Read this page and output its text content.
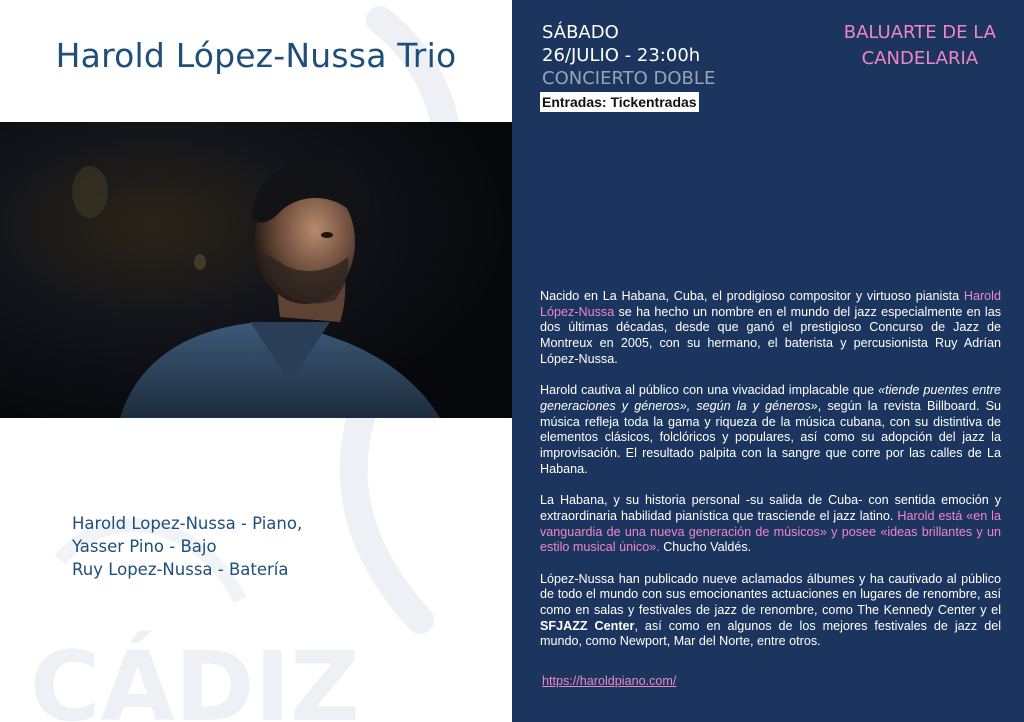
CÁDIZ
Harold López-Nussa Trio
Harold Lopez-Nussa - Piano,
Yasser Pino - Bajo
Ruy Lopez-Nussa - Batería
SÁBADO
26/JULIO - 23:00h
CONCIERTO DOBLE
Entradas: Tickentradas
BALUARTE DE LA
CANDELARIA

Nacido en La Habana, Cuba, el prodigioso compositor y virtuoso pianista Harold López-Nussa se ha hecho un nombre en el mundo del jazz especialmente en las dos últimas décadas, desde que ganó el prestigioso Concurso de Jazz de Montreux en 2005, con su hermano, el baterista y percusionista Ruy Adrían López-Nussa.

Harold cautiva al público con una vivacidad implacable que «tiende puentes entre generaciones y géneros», según la y géneros», según la revista Billboard. Su música refleja toda la gama y riqueza de la música cubana, con su distintiva de elementos clásicos, folclóricos y populares, así como su adopción del jazz la improvisación. El resultado palpita con la sangre que corre por las calles de La Habana.

La Habana, y su historia personal -su salida de Cuba- con sentida emoción y extraordinaria habilidad pianística que trasciende el jazz latino. Harold está «en la vanguardia de una nueva generación de músicos» y posee «ideas brillantes y un estilo musical único». Chucho Valdés.

López-Nussa han publicado nueve aclamados álbumes y ha cautivado al público de todo el mundo con sus emocionantes actuaciones en lugares de renombre, así como en salas y festivales de jazz de renombre, como The Kennedy Center y el SFJAZZ Center, así como en algunos de los mejores festivales de jazz del mundo, como Newport, Mar del Norte, entre otros.

https://haroldpiano.com/
